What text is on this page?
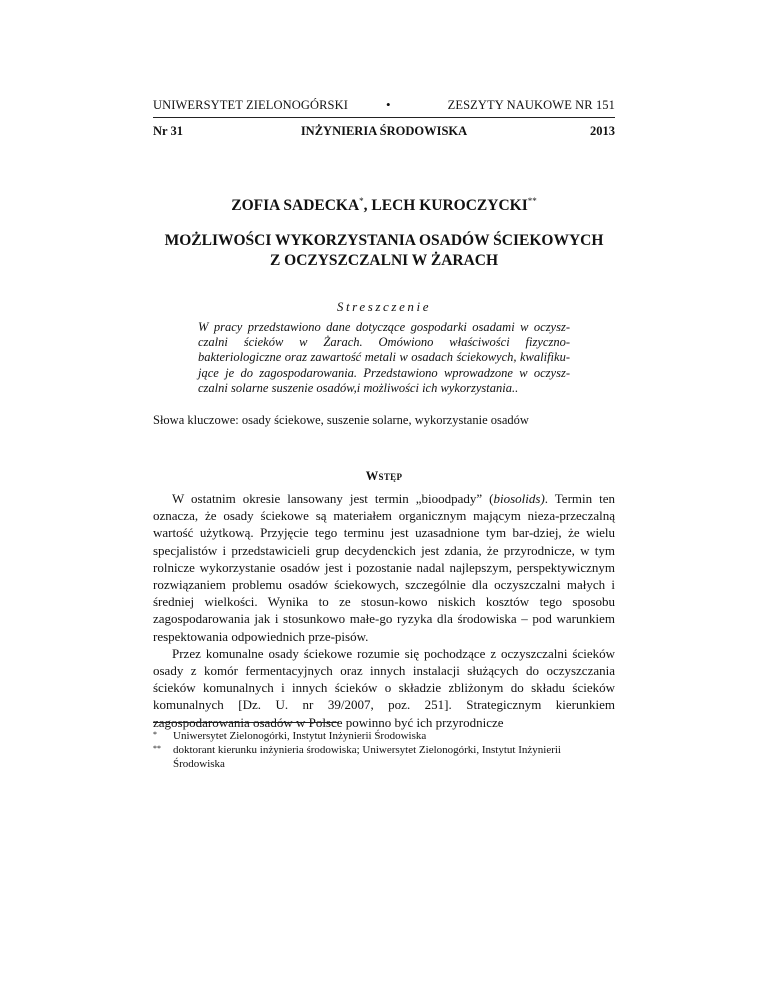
UNIWERSYTET ZIELONOGÓRSKI	•	ZESZYTY NAUKOWE NR 151
Nr 31	INŻYNIERIA ŚRODOWISKA	2013
ZOFIA SADECKA*, LECH KUROCZYCKI**
MOŻLIWOŚCI WYKORZYSTANIA OSADÓW ŚCIEKOWYCH
Z OCZYSZCZALNI W ŻARACH
Streszczenie
W pracy przedstawiono dane dotyczące gospodarki osadami w oczysz-czalni ścieków w Żarach. Omówiono właściwości fizyczno-bakteriologiczne oraz zawartość metali w osadach ściekowych, kwalifiku-jące je do zagospodarowania. Przedstawiono wprowadzone w oczysz-czalni solarne suszenie osadów,i możliwości ich wykorzystania..
Słowa kluczowe: osady ściekowe, suszenie solarne, wykorzystanie osadów
Wstęp

W ostatnim okresie lansowany jest termin „bioodpady” (biosolids). Termin ten oznacza, że osady ściekowe są materiałem organicznym mającym nieza-przeczalną wartość użytkową. Przyjęcie tego terminu jest uzasadnione tym bar-dziej, że wielu specjalistów i przedstawicieli grup decydenckich jest zdania, że przyrodnicze, w tym rolnicze wykorzystanie osadów jest i pozostanie nadal najlepszym, perspektywicznym rozwiązaniem problemu osadów ściekowych, szczególnie dla oczyszczalni małych i średniej wielkości. Wynika to ze stosun-kowo niskich kosztów tego sposobu zagospodarowania jak i stosunkowo małe-go ryzyka dla środowiska – pod warunkiem respektowania odpowiednich prze-pisów.

Przez komunalne osady ściekowe rozumie się pochodzące z oczyszczalni ścieków osady z komór fermentacyjnych oraz innych instalacji służących do oczyszczania ścieków komunalnych i innych ścieków o składzie zbliżonym do składu ścieków komunalnych [Dz. U. nr 39/2007, poz. 251]. Strategicznym kierunkiem zagospodarowania osadów w Polsce powinno być ich przyrodnicze

* Uniwersytet Zielonogórki, Instytut Inżynierii Środowiska
** doktorant kierunku inżynieria środowiska; Uniwersytet Zielonogórki, Instytut Inżynierii Środowiska
